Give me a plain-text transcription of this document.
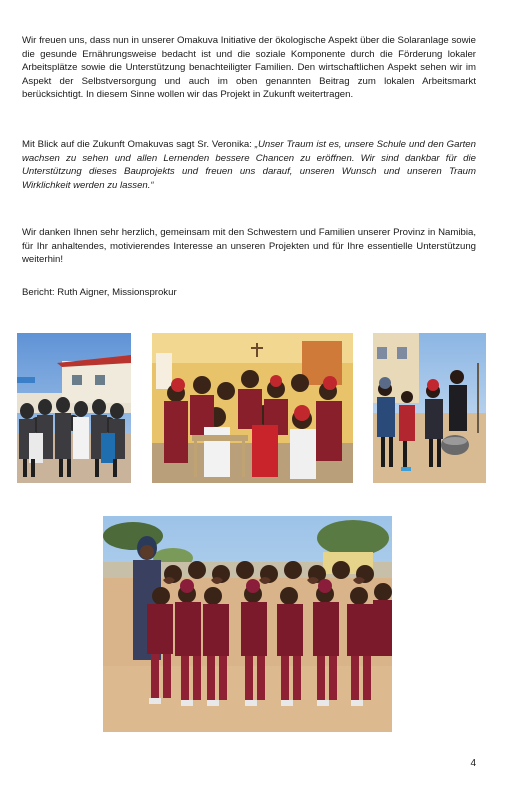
Wir freuen uns, dass nun in unserer Omakuva Initiative der ökologische Aspekt über die Solaranlage sowie die gesunde Ernährungsweise bedacht ist und die soziale Komponente durch die Förderung lokaler Arbeitsplätze sowie die Unterstützung benachteiligter Familien. Den wirtschaftlichen Aspekt sehen wir im Aspekt der Selbstversorgung und auch im oben genannten Beitrag zum lokalen Arbeitsmarkt berücksichtigt. In diesem Sinne wollen wir das Projekt in Zukunft weitertragen.

Mit Blick auf die Zukunft Omakuvas sagt Sr. Veronika: „Unser Traum ist es, unsere Schule und den Garten wachsen zu sehen und allen Lernenden bessere Chancen zu eröffnen. Wir sind dankbar für die Unterstützung dieses Bauprojekts und freuen uns darauf, unseren Wunsch und unseren Traum Wirklichkeit werden zu lassen.“

Wir danken Ihnen sehr herzlich, gemeinsam mit den Schwestern und Familien unserer Provinz in Namibia, für Ihr anhaltendes, motivierendes Interesse an unseren Projekten und für Ihre essentielle Unterstützung weiterhin!

Bericht: Ruth Aigner, Missionsprokur

4
